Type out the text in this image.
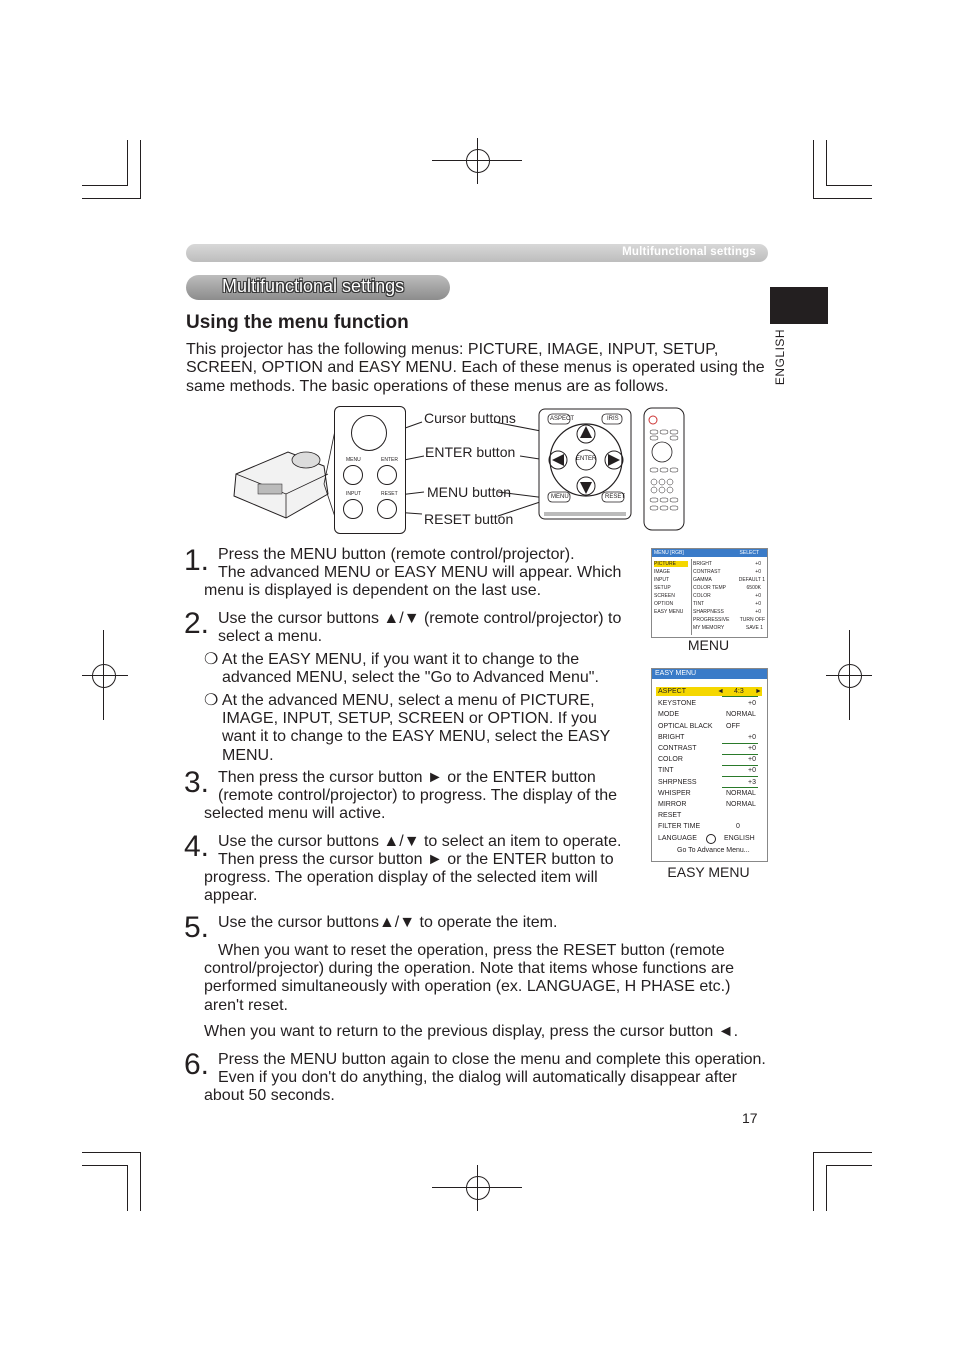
Multifunctional settings
Multifunctional settings
ENGLISH
Using the menu function

This projector has the following menus: PICTURE, IMAGE, INPUT, SETUP, SCREEN, OPTION and EASY MENU. Each of these menus is operated using the same methods. The basic operations of these menus are as follows.

MENU	ENTER
INPUT	RESET
Cursor buttons
ENTER button
MENU button
RESET button
ASPECT	IRIS
ENTER
MENU	RESET
1. Press the MENU button (remote control/projector).

The advanced MENU or EASY MENU will appear. Which menu is displayed is dependent on the last use.

2. Use the cursor buttons ▲/▼ (remote control/projector) to

select a menu.

❍ At the EASY MENU, if you want it to change to the advanced MENU, select the "Go to Advanced Menu".

❍ At the advanced MENU, select a menu of PICTURE, IMAGE, INPUT, SETUP, SCREEN or OPTION. If you want it to change to the EASY MENU, select the EASY MENU.

3. Then press the cursor button ► or the ENTER button

(remote control/projector) to progress. The display of the selected menu will active.

4. Use the cursor buttons ▲/▼ to select an item to operate.

Then press the cursor button ► or the ENTER button to progress. The operation display of the selected item will appear.

5. Use the cursor buttons▲/▼ to operate the item.

When you want to reset the operation, press the RESET button (remote control/projector) during the operation. Note that items whose functions are performed simultaneously with operation (ex. LANGUAGE, H PHASE etc.) aren't reset.

When you want to return to the previous display, press the cursor button ◄.

6. Press the MENU button again to close the menu and complete this operation.

Even if you don't do anything, the dialog will automatically disappear after about 50 seconds.

MENU [RGB]	SELECT
PICTURE
IMAGE
INPUT
SETUP
SCREEN
OPTION
EASY MENU
BRIGHT	+0
CONTRAST	+0
GAMMA	DEFAULT 1
COLOR TEMP	6500K
COLOR	+0
TINT	+0
SHARPNESS	+0
PROGRESSIVE TURN OFF
MY MEMORY	SAVE 1
MENU
EASY MENU
ASPECT	◄ 4:3 ►
KEYSTONE	+0
MODE	NORMAL
OPTICAL BLACK OFF
BRIGHT	+0
CONTRAST	+0
COLOR	+0
TINT	+0
SHRPNESS	+3
WHISPER	NORMAL
MIRROR	NORMAL
RESET
FILTER TIME	0
LANGUAGE	ENGLISH
Go To Advance Menu...
EASY MENU
17
